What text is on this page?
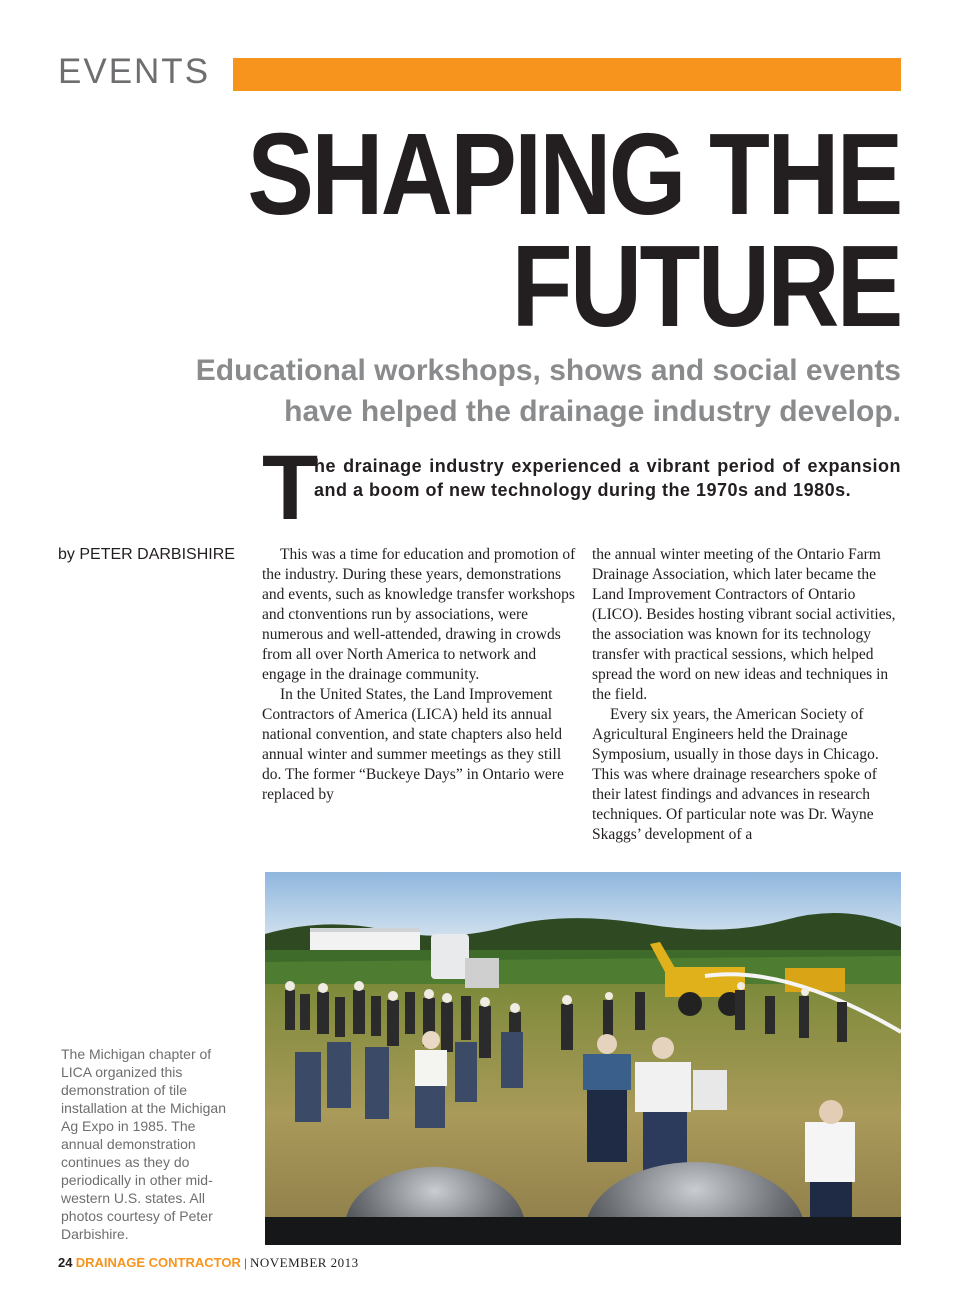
EVENTS
SHAPING THE
FUTURE
Educational workshops, shows and social events
have helped the drainage industry develop.
T
he drainage industry experienced a vibrant period of expansion and a boom of new technology during the 1970s and 1980s.
by PETER DARBISHIRE	This was a time for education and promotion of the industry. During these years, demonstrations and events, such as knowledge transfer workshops and ctonventions run by associations, were numerous and well-attended, drawing in crowds from all over North America to network and engage in the drainage community.

In the United States, the Land Improvement Contractors of America (LICA) held its annual national convention, and state chapters also held annual winter and summer meetings as they still do. The former “Buckeye Days” in Ontario were replaced by

the annual winter meeting of the Ontario Farm Drainage Association, which later became the Land Improvement Contractors of Ontario (LICO). Besides hosting vibrant social activities, the association was known for its technology transfer with practical sessions, which helped spread the word on new ideas and techniques in the field.

Every six years, the American Society of Agricultural Engineers held the Drainage Symposium, usually in those days in Chicago. This was where drainage researchers spoke of their latest findings and advances in research techniques. Of particular note was Dr. Wayne Skaggs’ development of a

The Michigan chapter of LICA organized this demonstration of tile installation at the Michigan Ag Expo in 1985. The annual demonstration continues as they do periodically in other mid-western U.S. states. All photos courtesy of Peter Darbishire.
24 DRAINAGE CONTRACTOR | NOVEMBER 2013
